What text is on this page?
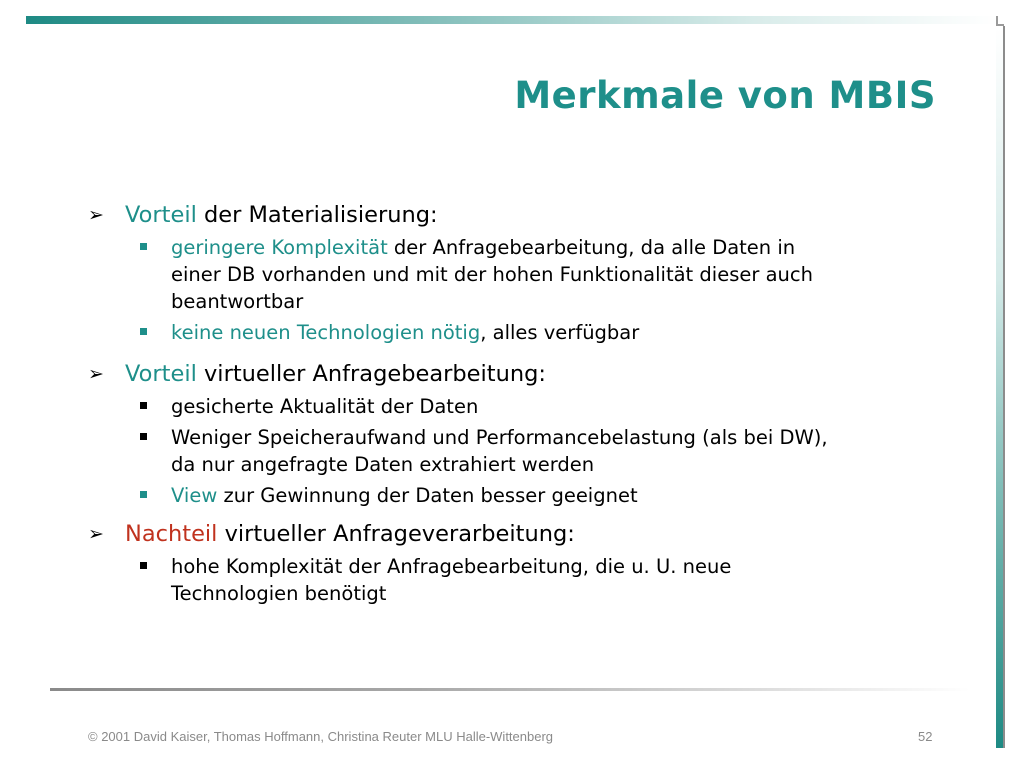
Merkmale von MBIS

➢ Vorteil der Materialisierung:

geringere Komplexität der Anfragebearbeitung, da alle Daten in
einer DB vorhanden und mit der hohen Funktionalität dieser auch
beantwortbar

keine neuen Technologien nötig, alles verfügbar

➢ Vorteil virtueller Anfragebearbeitung:

gesicherte Aktualität der Daten

Weniger Speicheraufwand und Performancebelastung (als bei DW),
da nur angefragte Daten extrahiert werden

View zur Gewinnung der Daten besser geeignet

➢ Nachteil virtueller Anfrageverarbeitung:

hohe Komplexität der Anfragebearbeitung, die u. U. neue
Technologien benötigt

© 2001 David Kaiser, Thomas Hoffmann, Christina Reuter MLU Halle-Wittenberg	52
